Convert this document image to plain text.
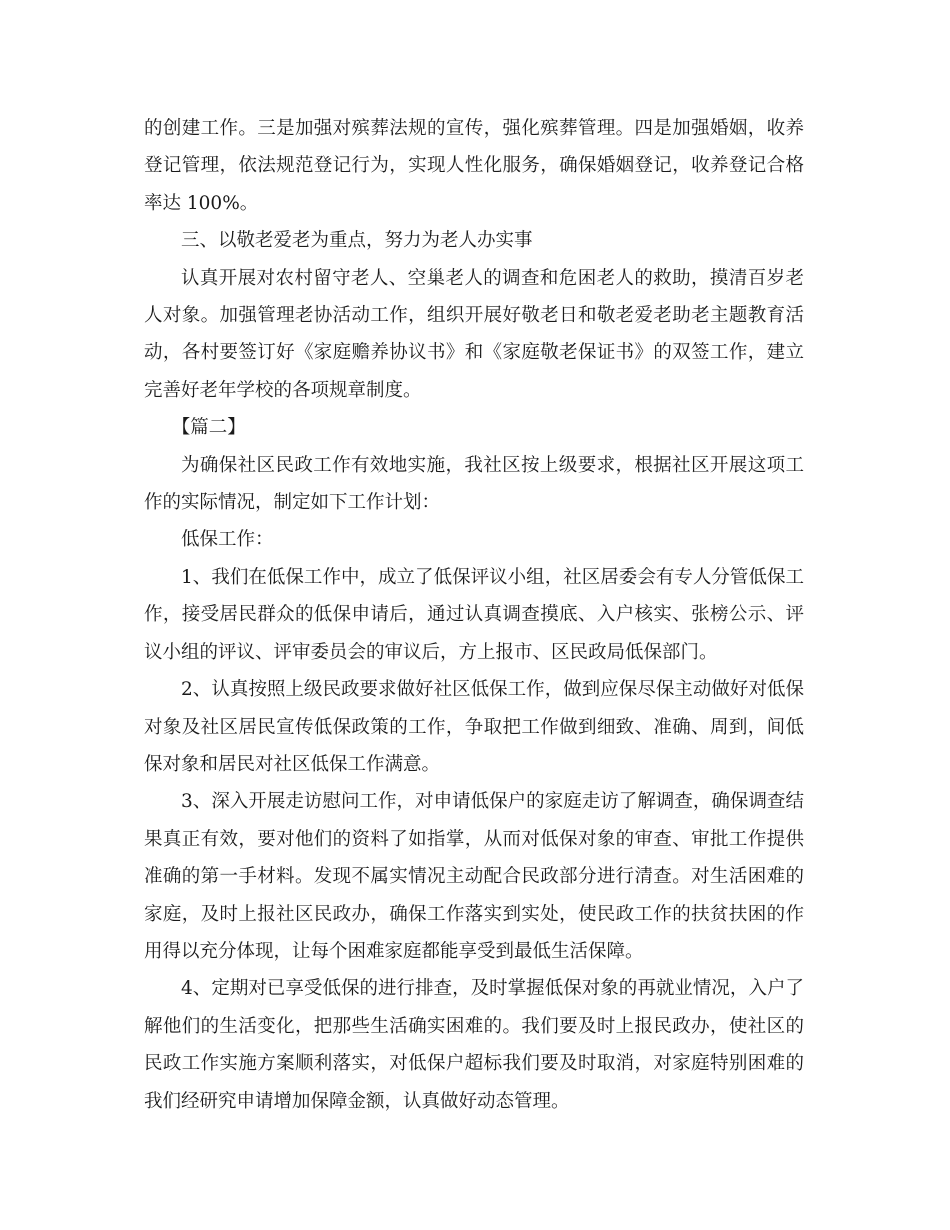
的创建工作。三是加强对殡葬法规的宣传，强化殡葬管理。四是加强婚姻，收养登记管理，依法规范登记行为，实现人性化服务，确保婚姻登记，收养登记合格率达 100%。

三、以敬老爱老为重点，努力为老人办实事

认真开展对农村留守老人、空巢老人的调查和危困老人的救助，摸清百岁老人对象。加强管理老协活动工作，组织开展好敬老日和敬老爱老助老主题教育活动，各村要签订好《家庭赡养协议书》和《家庭敬老保证书》的双签工作，建立完善好老年学校的各项规章制度。

【篇二】

为确保社区民政工作有效地实施，我社区按上级要求，根据社区开展这项工作的实际情况，制定如下工作计划：

低保工作：

1、我们在低保工作中，成立了低保评议小组，社区居委会有专人分管低保工作，接受居民群众的低保申请后，通过认真调查摸底、入户核实、张榜公示、评议小组的评议、评审委员会的审议后，方上报市、区民政局低保部门。

2、认真按照上级民政要求做好社区低保工作，做到应保尽保主动做好对低保对象及社区居民宣传低保政策的工作，争取把工作做到细致、准确、周到，间低保对象和居民对社区低保工作满意。

3、深入开展走访慰问工作，对申请低保户的家庭走访了解调查，确保调查结果真正有效，要对他们的资料了如指掌，从而对低保对象的审查、审批工作提供准确的第一手材料。发现不属实情况主动配合民政部分进行清查。对生活困难的家庭，及时上报社区民政办，确保工作落实到实处，使民政工作的扶贫扶困的作用得以充分体现，让每个困难家庭都能享受到最低生活保障。

4、定期对已享受低保的进行排查，及时掌握低保对象的再就业情况，入户了解他们的生活变化，把那些生活确实困难的。我们要及时上报民政办，使社区的民政工作实施方案顺利落实，对低保户超标我们要及时取消，对家庭特别困难的我们经研究申请增加保障金额，认真做好动态管理。
